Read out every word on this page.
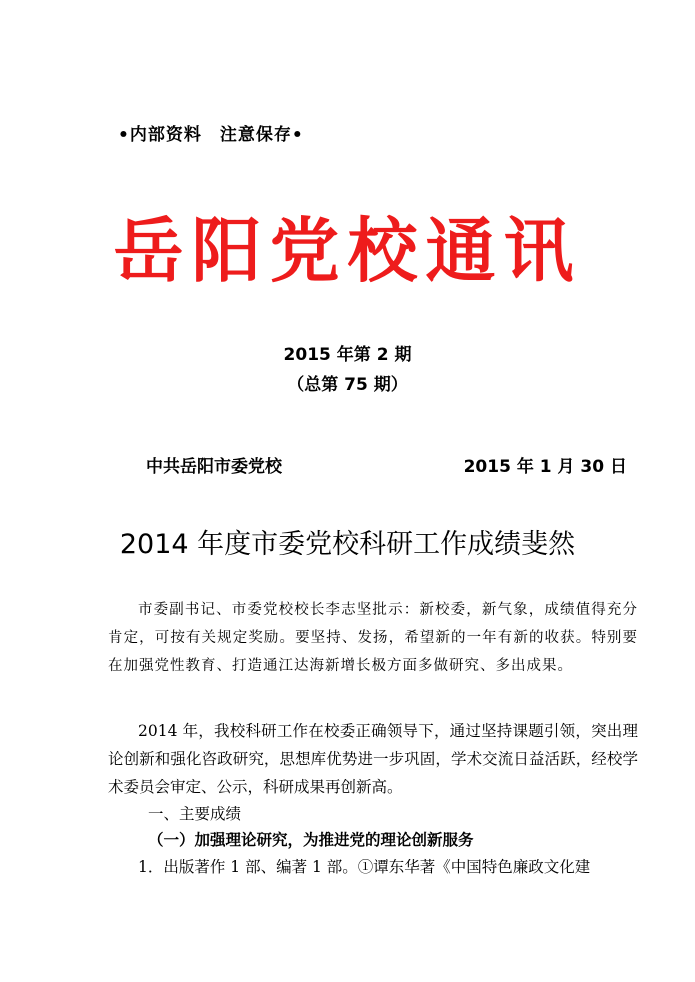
•内部资料 注意保存•
岳阳党校通讯
2015 年第 2 期
（总第 75 期）
中共岳阳市委党校	2015 年 1 月 30 日
2014 年度市委党校科研工作成绩斐然

市委副书记、市委党校校长李志坚批示：新校委，新气象，成绩值得充分肯定，可按有关规定奖励。要坚持、发扬，希望新的一年有新的收获。特别要在加强党性教育、打造通江达海新增长极方面多做研究、多出成果。

2014 年，我校科研工作在校委正确领导下，通过坚持课题引领，突出理论创新和强化咨政研究，思想库优势进一步巩固，学术交流日益活跃，经校学术委员会审定、公示，科研成果再创新高。

一、主要成绩
（一）加强理论研究，为推进党的理论创新服务
1．出版著作 1 部、编著 1 部。①谭东华著《中国特色廉政文化建
